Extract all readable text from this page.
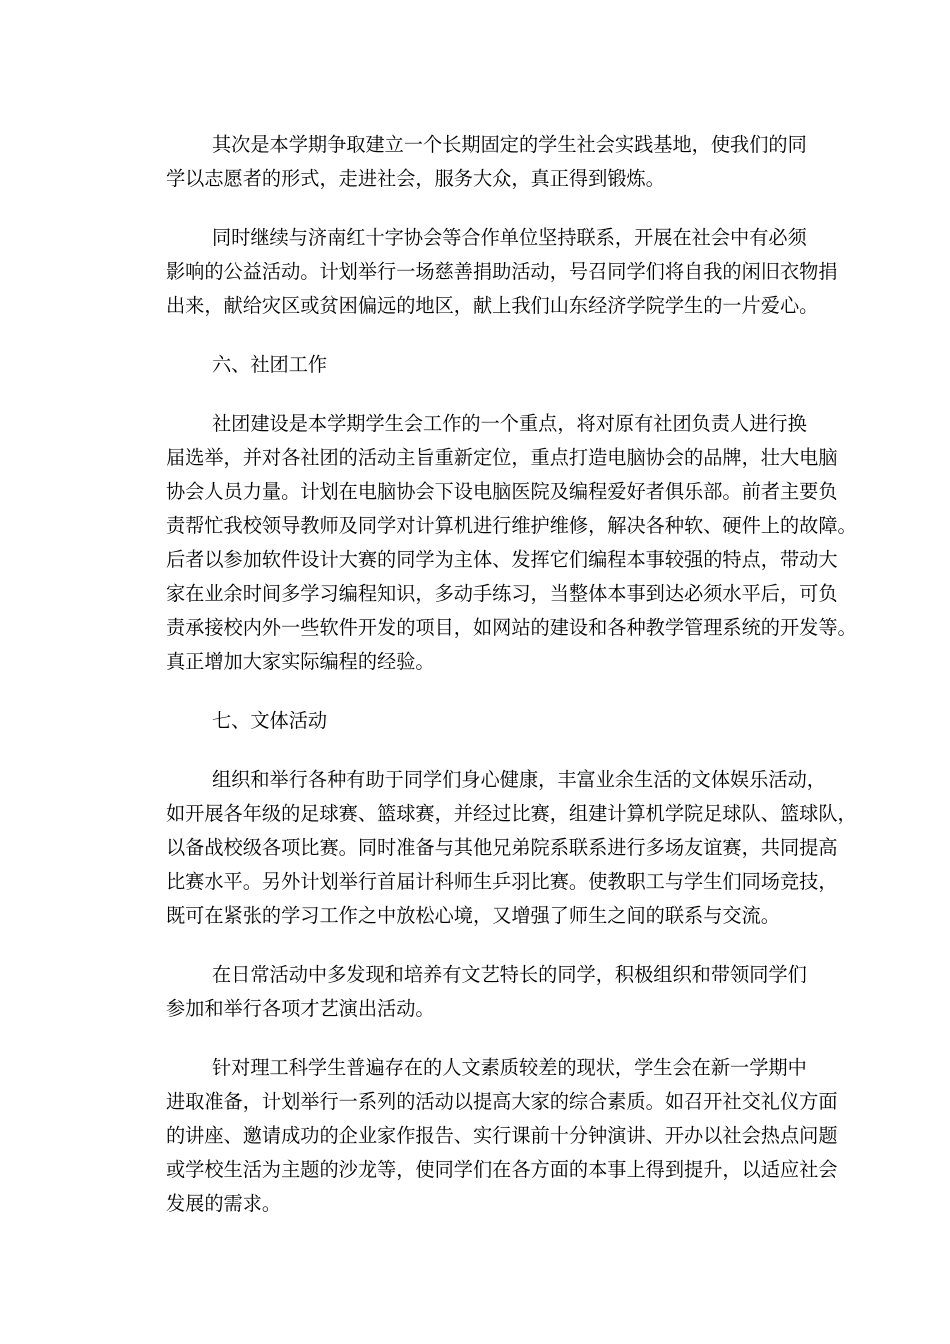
其次是本学期争取建立一个长期固定的学生社会实践基地，使我们的同
学以志愿者的形式，走进社会，服务大众，真正得到锻炼。

同时继续与济南红十字协会等合作单位坚持联系，开展在社会中有必须
影响的公益活动。计划举行一场慈善捐助活动，号召同学们将自我的闲旧衣物捐
出来，献给灾区或贫困偏远的地区，献上我们山东经济学院学生的一片爱心。

六、社团工作

社团建设是本学期学生会工作的一个重点，将对原有社团负责人进行换
届选举，并对各社团的活动主旨重新定位，重点打造电脑协会的品牌，壮大电脑
协会人员力量。计划在电脑协会下设电脑医院及编程爱好者俱乐部。前者主要负
责帮忙我校领导教师及同学对计算机进行维护维修，解决各种软、硬件上的故障。
后者以参加软件设计大赛的同学为主体、发挥它们编程本事较强的特点，带动大
家在业余时间多学习编程知识，多动手练习，当整体本事到达必须水平后，可负
责承接校内外一些软件开发的项目，如网站的建设和各种教学管理系统的开发等。
真正增加大家实际编程的经验。

七、文体活动

组织和举行各种有助于同学们身心健康，丰富业余生活的文体娱乐活动，
如开展各年级的足球赛、篮球赛，并经过比赛，组建计算机学院足球队、篮球队，
以备战校级各项比赛。同时准备与其他兄弟院系联系进行多场友谊赛，共同提高
比赛水平。另外计划举行首届计科师生乒羽比赛。使教职工与学生们同场竞技，
既可在紧张的学习工作之中放松心境，又增强了师生之间的联系与交流。

在日常活动中多发现和培养有文艺特长的同学，积极组织和带领同学们
参加和举行各项才艺演出活动。

针对理工科学生普遍存在的人文素质较差的现状，学生会在新一学期中
进取准备，计划举行一系列的活动以提高大家的综合素质。如召开社交礼仪方面
的讲座、邀请成功的企业家作报告、实行课前十分钟演讲、开办以社会热点问题
或学校生活为主题的沙龙等，使同学们在各方面的本事上得到提升，以适应社会
发展的需求。
